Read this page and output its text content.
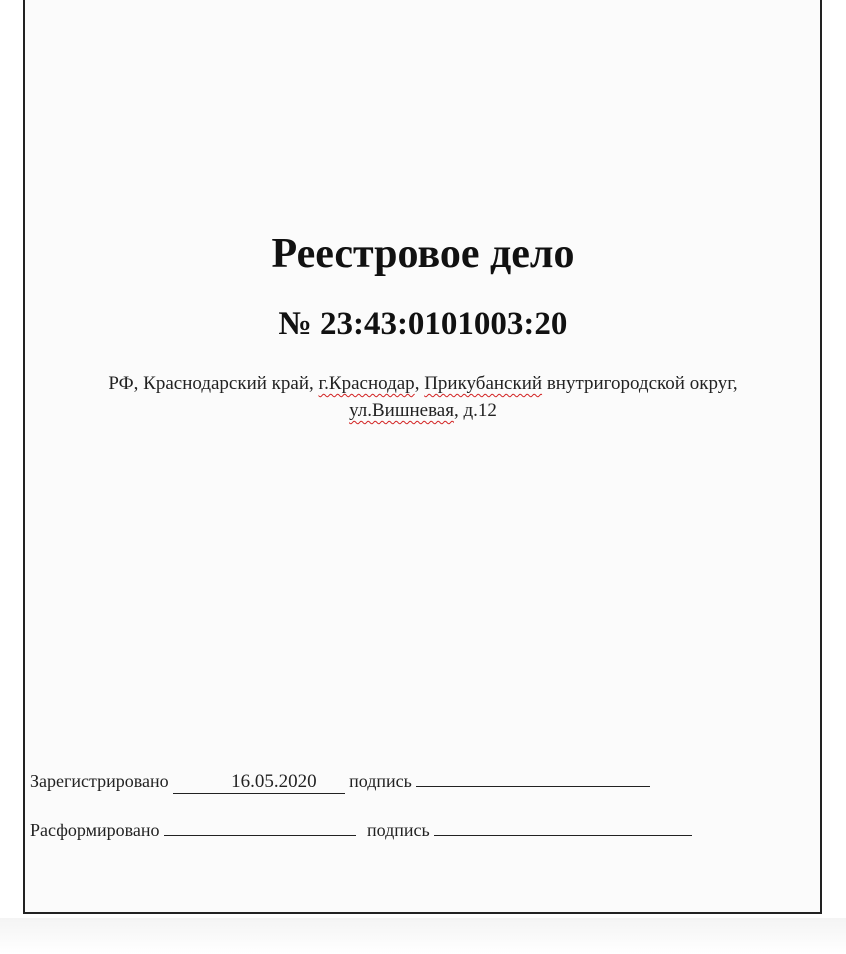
Реестровое дело
№ 23:43:0101003:20
РФ, Краснодарский край, г.Краснодар, Прикубанский внутригородской округ,
ул.Вишневая, д.12
Зарегистрировано	16.05.2020 подпись
Расформировано	подпись
